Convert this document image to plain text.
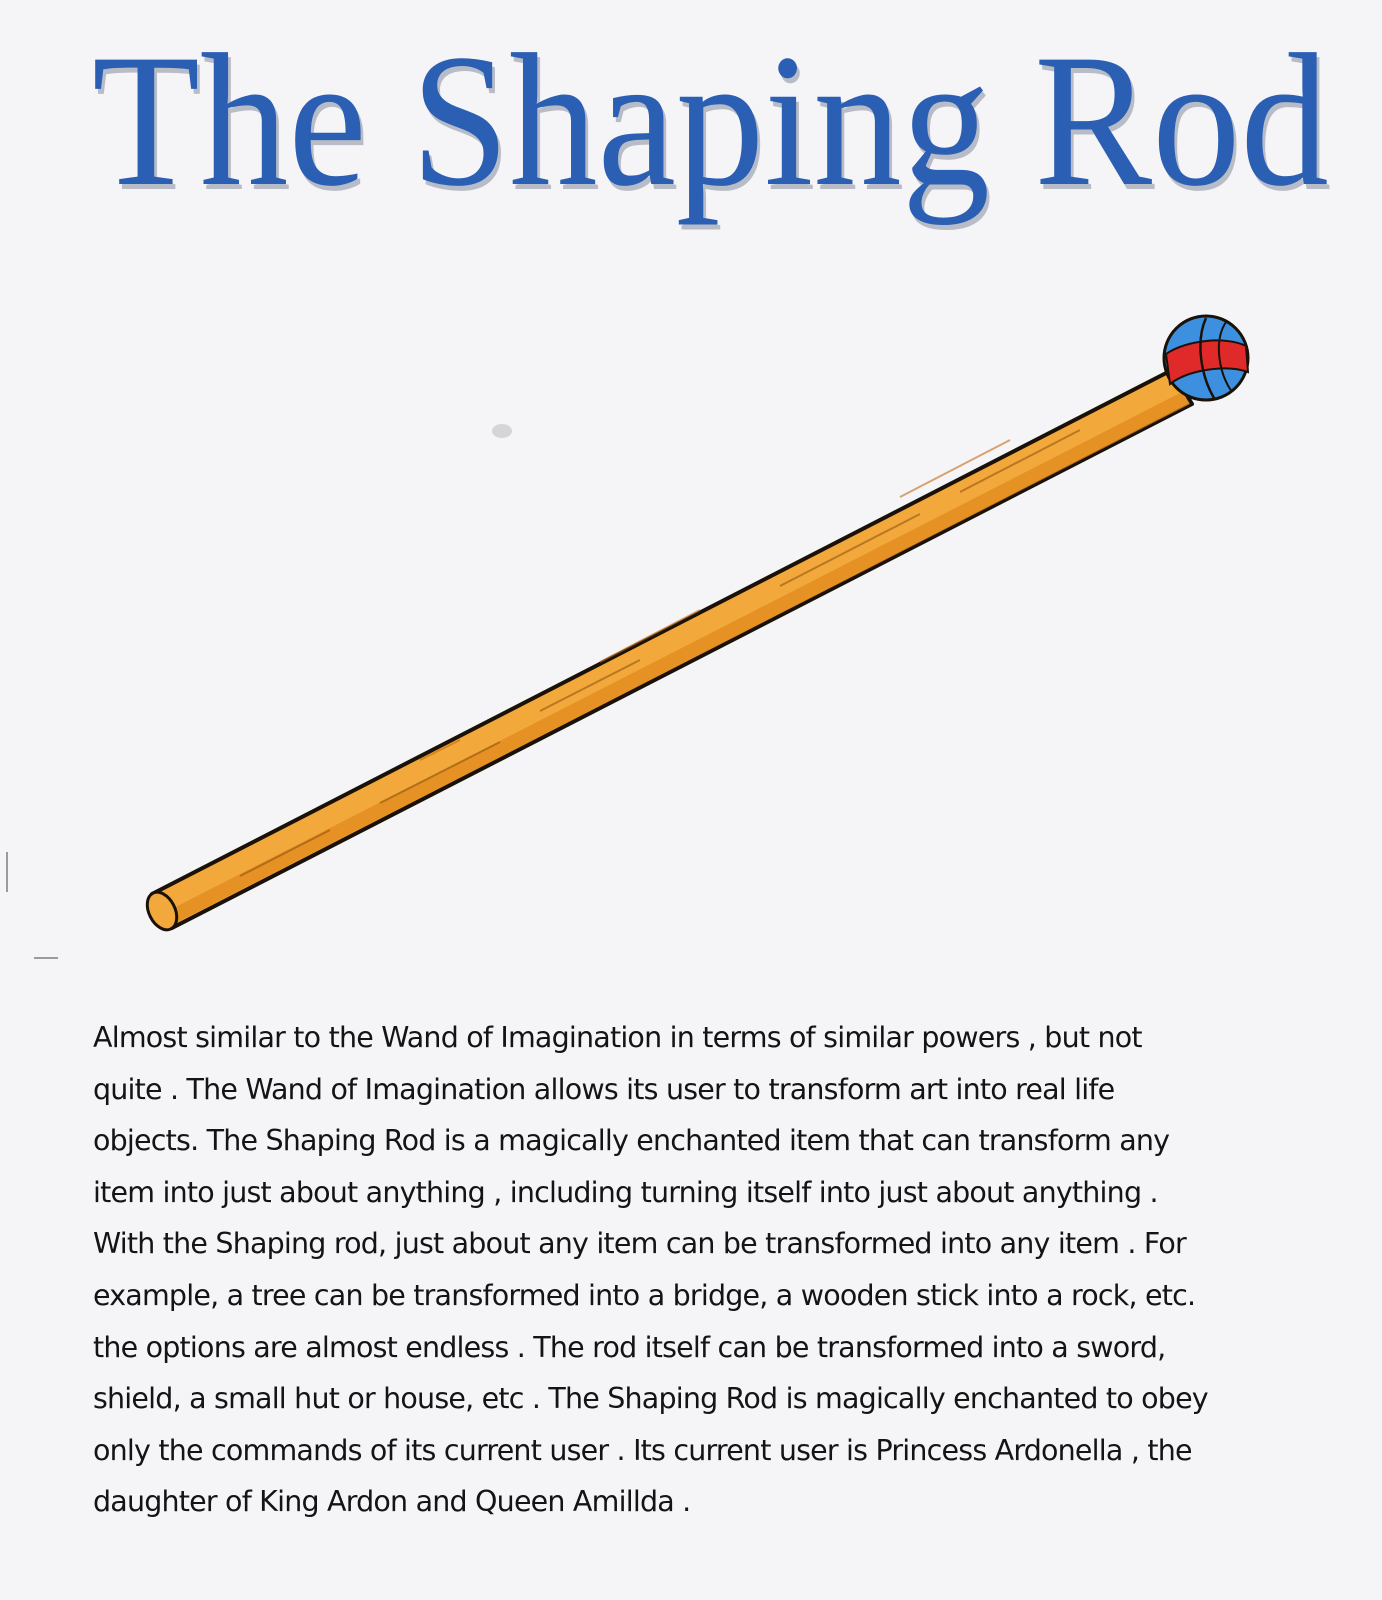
The Shaping Rod

Almost similar to the Wand of Imagination in terms of similar powers , but not
quite . The Wand of Imagination allows its user to transform art into real life
objects. The Shaping Rod is a magically enchanted item that can transform any
item into just about anything , including turning itself into just about anything .
With the Shaping rod, just about any item can be transformed into any item . For
example, a tree can be transformed into a bridge, a wooden stick into a rock, etc.
the options are almost endless . The rod itself can be transformed into a sword,
shield, a small hut or house, etc . The Shaping Rod is magically enchanted to obey
only the commands of its current user . Its current user is Princess Ardonella , the
daughter of King Ardon and Queen Amillda .
